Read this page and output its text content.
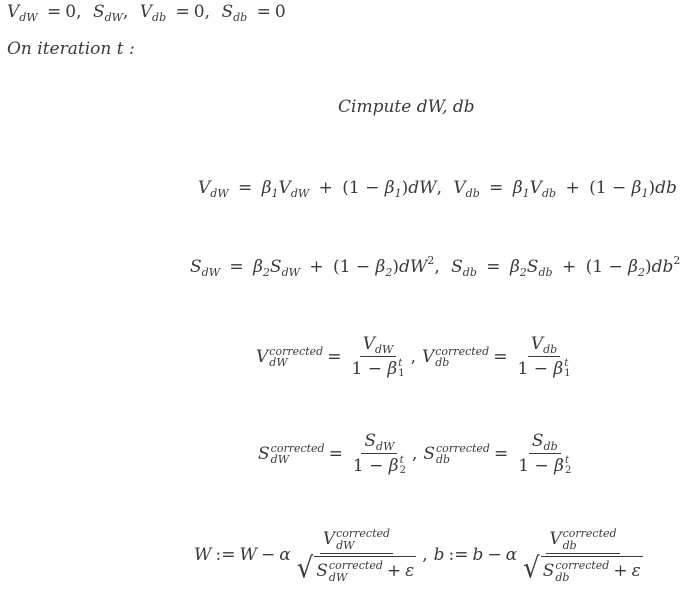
$V_{dW} = 0$, $S_{dW}$, $V_{db} = 0$, $S_{db} = 0$
On iteration t :
Cimpute dW, db
$V_{dW} = \beta_1V_{dW} + (1 - \beta_1)dW$, $V_{db} = \beta_1V_{db} + (1 - \beta_1)db$
$S_{dW} = \beta_2S_{dW} + (1 - \beta_2)dW^2$, $S_{db} = \beta_2S_{db} + (1 - \beta_2)db^2$
V corrected
dW	= $V_{dW}$
1 − β t
1 , V corrected
db	= $V_{db}$
1 − β t
1
S corrected
dW	= $S_{dW}$
1 − β t
2 , S corrected
db	= $S_{db}$
1 − β t
2
W := W − α V corrected
dW
√ S corrected
dW	+ ε , b := b − α V corrected
db
√ S corrected
db	+ ε
